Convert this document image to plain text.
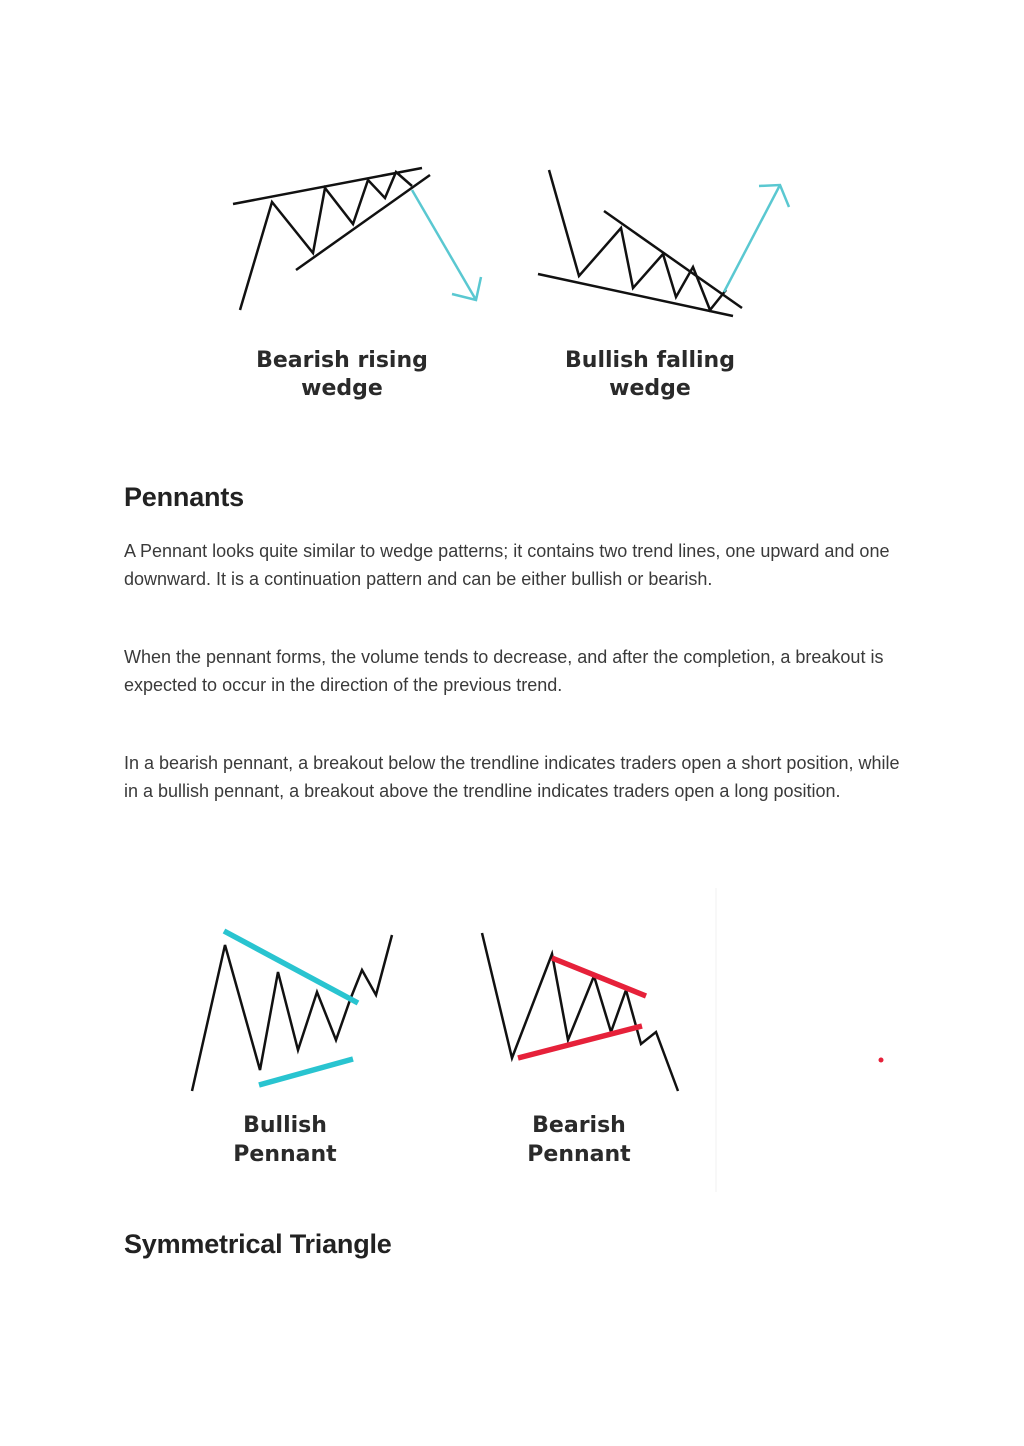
Bearish rising
wedge
Bullish falling
wedge
Pennants

A Pennant looks quite similar to wedge patterns; it contains two trend lines, one upward and one downward. It is a continuation pattern and can be either bullish or bearish.

When the pennant forms, the volume tends to decrease, and after the completion, a breakout is expected to occur in the direction of the previous trend.

In a bearish pennant, a breakout below the trendline indicates traders open a short position, while in a bullish pennant, a breakout above the trendline indicates traders open a long position.

Bullish
Pennant
Bearish
Pennant
Symmetrical Triangle
